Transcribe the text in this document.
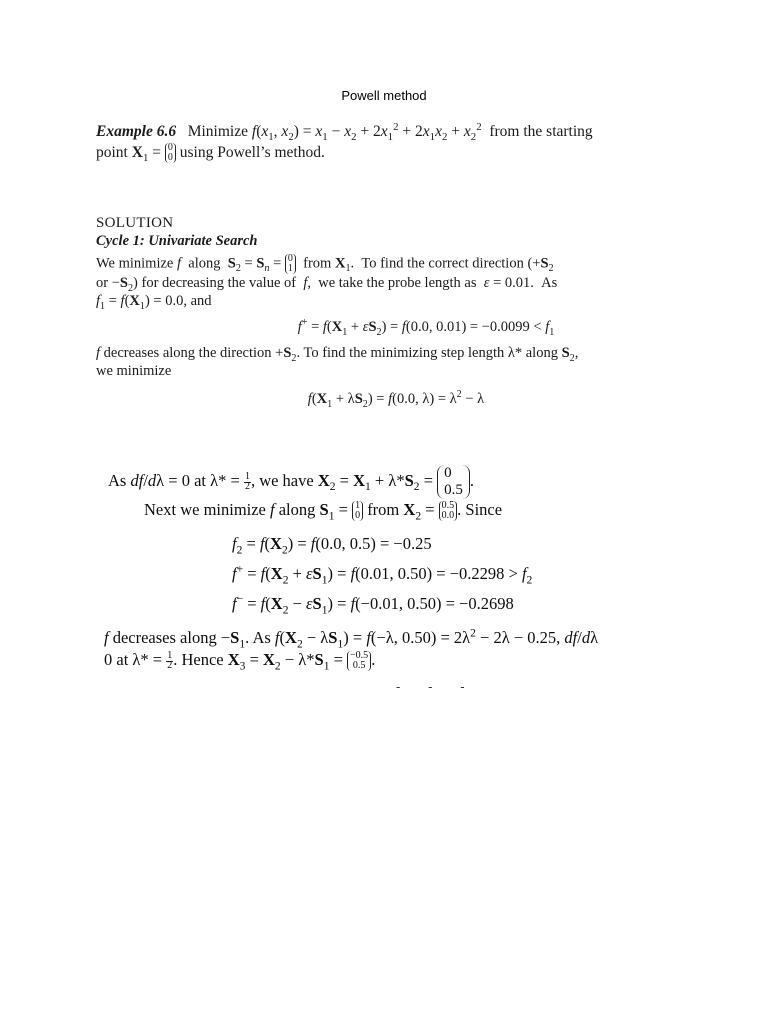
Powell method
Example 6.6   Minimize $f(x_1$, $x_2) = x_1 - x_2 + 2x_1^2 + 2x_1x_2 + x_2^2$  from the starting
point $X_1 = 0$
0 using Powell’s method.
SOLUTION
Cycle 1: Univariate Search
We minimize f  along  $S_2 = S_n = 0$
1  from $X_1$.  To find the correct direction ($+S_2$
or $-S_2$) for decreasing the value of  f,  we take the probe length as  ε = 0.01.  As
$f_1 = f(X_1) = 0.0$, and
$f^+ = f(X_1 + \varepsilon S_2) = f(0.0$, $0.01) = -0.0099 < f_1$
f decreases along the direction $+S_2$. To find the minimizing step length λ* along $S_2$,
we minimize
$f(X_1 + \lambda S_2) = f(0.0$, $\lambda) = \lambda^2 - \lambda$
As df/dλ = 0 at λ* = 1
2, we have $X_2 = X_1 + \lambda*S_2 = 0$
0.5.
Next we minimize f along $S_1 = 1$
0 from $X_2 = 0.5$
0.0 . Since
$f_2 = f(X_2) = f(0.0$, 0.5) = −0.25
$f^+ = f(X_2 + \varepsilon S_1) = f(0.01$, $0.50) = -0.2298 > f_2$
$f^- = f(X_2 - \varepsilon S_1) = f(-0.01$, 0.50) = −0.2698
f decreases along $-S_1$. As $f(X_2 - \lambda S_1) = f(-\lambda$, $0.50) = 2\lambda^2 - 2\lambda - 0.25$, df/dλ
0 at λ* = 1
2. Hence $X_3 = X_2 - \lambda*S_1 = -0.5$
0.5 .
- - -
